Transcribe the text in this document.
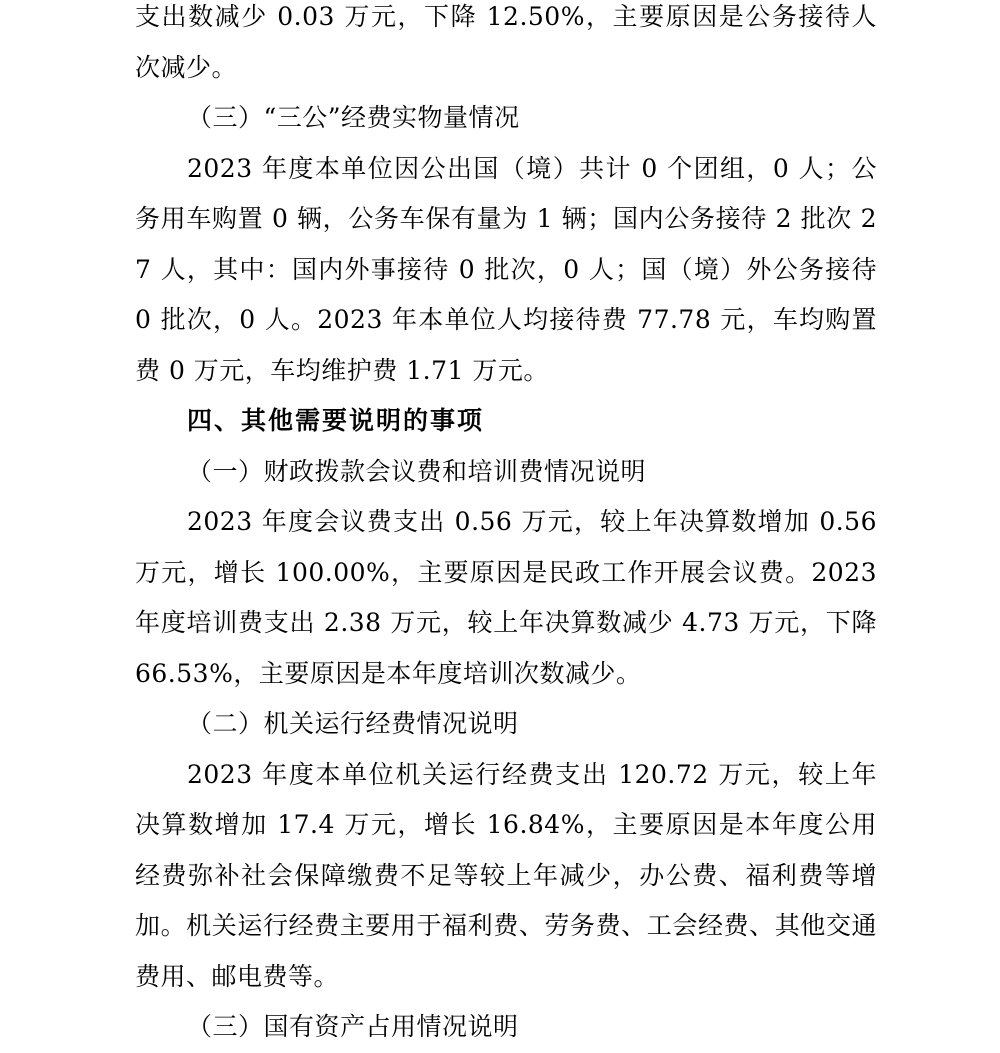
支出数减少 0.03 万元，下降 12.50%，主要原因是公务接待人次减少。

（三）“三公”经费实物量情况

2023 年度本单位因公出国（境）共计 0 个团组，0 人；公务用车购置 0 辆，公务车保有量为 1 辆；国内公务接待 2 批次 27 人，其中：国内外事接待 0 批次，0 人；国（境）外公务接待 0 批次，0 人。2023 年本单位人均接待费 77.78 元，车均购置费 0 万元，车均维护费 1.71 万元。

四、其他需要说明的事项

（一）财政拨款会议费和培训费情况说明

2023 年度会议费支出 0.56 万元，较上年决算数增加 0.56 万元，增长 100.00%，主要原因是民政工作开展会议费。2023 年度培训费支出 2.38 万元，较上年决算数减少 4.73 万元，下降 66.53%，主要原因是本年度培训次数减少。

（二）机关运行经费情况说明

2023 年度本单位机关运行经费支出 120.72 万元，较上年决算数增加 17.4 万元，增长 16.84%，主要原因是本年度公用经费弥补社会保障缴费不足等较上年减少，办公费、福利费等增加。机关运行经费主要用于福利费、劳务费、工会经费、其他交通费用、邮电费等。

（三）国有资产占用情况说明
